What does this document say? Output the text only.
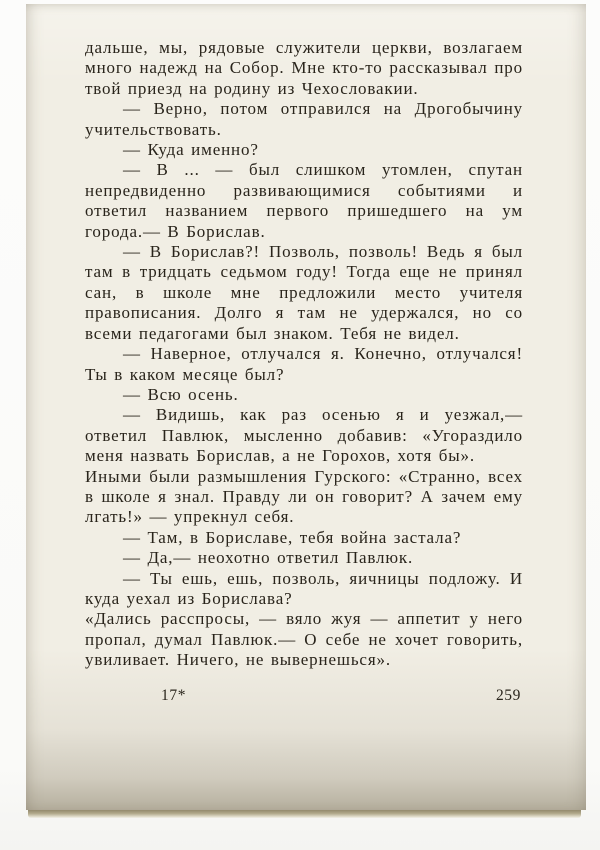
дальше, мы, рядовые служители церкви, возлагаем много надежд на Собор. Мне кто-то рассказывал про твой приезд на родину из Чехословакии.

— Верно, потом отправился на Дрогобычину учительствовать.

— Куда именно?

— В ... — был слишком утомлен, спутан непредвиденно развивающимися событиями и ответил названием первого пришедшего на ум города.— В Борислав.

— В Борислав?! Позволь, позволь! Ведь я был там в тридцать седьмом году! Тогда еще не принял сан, в школе мне предложили место учителя правописания. Долго я там не удержался, но со всеми педагогами был знаком. Тебя не видел.

— Наверное, отлучался я. Конечно, отлучался! Ты в каком месяце был?

— Всю осень.

— Видишь, как раз осенью я и уезжал,— ответил Павлюк, мысленно добавив: «Угораздило меня назвать Борислав, а не Горохов, хотя бы».

Иными были размышления Гурского: «Странно, всех в школе я знал. Правду ли он говорит? А зачем ему лгать!» — упрекнул себя.

— Там, в Бориславе, тебя война застала?

— Да,— неохотно ответил Павлюк.

— Ты ешь, ешь, позволь, яичницы подложу. И куда уехал из Борислава?

«Дались расспросы, — вяло жуя — аппетит у него пропал, думал Павлюк.— О себе не хочет говорить, увиливает. Ничего, не вывернешься».

17*	259
